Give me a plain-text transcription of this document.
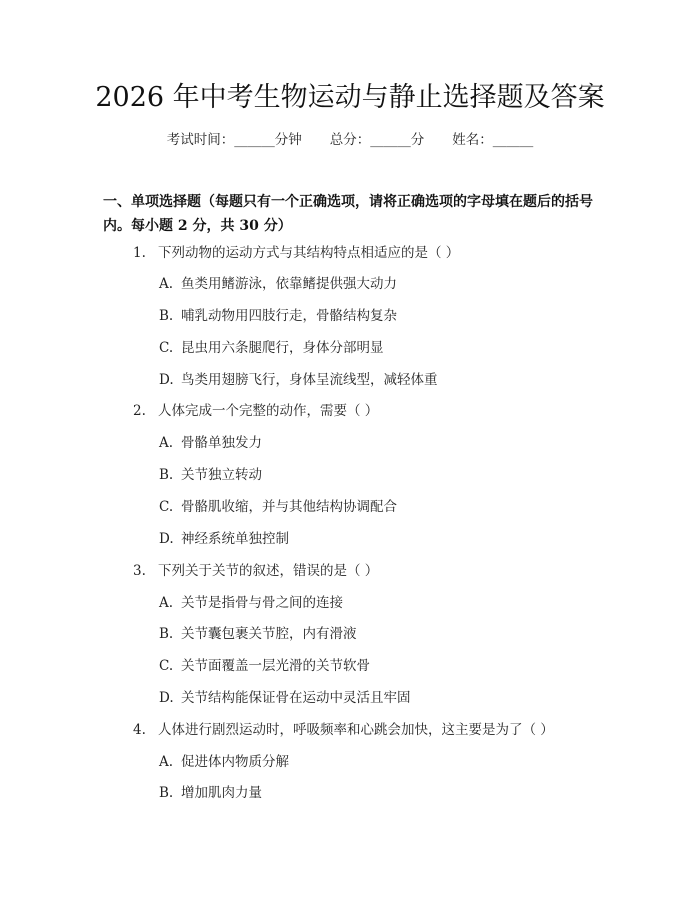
2026 年中考生物运动与静止选择题及答案
考试时间：______分钟 总分：______分 姓名：______
一、单项选择题（每题只有一个正确选项，请将正确选项的字母填在题后的括号内。每小题 2 分，共 30 分）
1. 下列动物的运动方式与其结构特点相适应的是（ ）
A. 鱼类用鳍游泳，依靠鳍提供强大动力
B. 哺乳动物用四肢行走，骨骼结构复杂
C. 昆虫用六条腿爬行，身体分部明显
D. 鸟类用翅膀飞行，身体呈流线型，减轻体重
2. 人体完成一个完整的动作，需要（ ）
A. 骨骼单独发力
B. 关节独立转动
C. 骨骼肌收缩，并与其他结构协调配合
D. 神经系统单独控制
3. 下列关于关节的叙述，错误的是（ ）
A. 关节是指骨与骨之间的连接
B. 关节囊包裹关节腔，内有滑液
C. 关节面覆盖一层光滑的关节软骨
D. 关节结构能保证骨在运动中灵活且牢固
4. 人体进行剧烈运动时，呼吸频率和心跳会加快，这主要是为了（ ）
A. 促进体内物质分解
B. 增加肌肉力量
